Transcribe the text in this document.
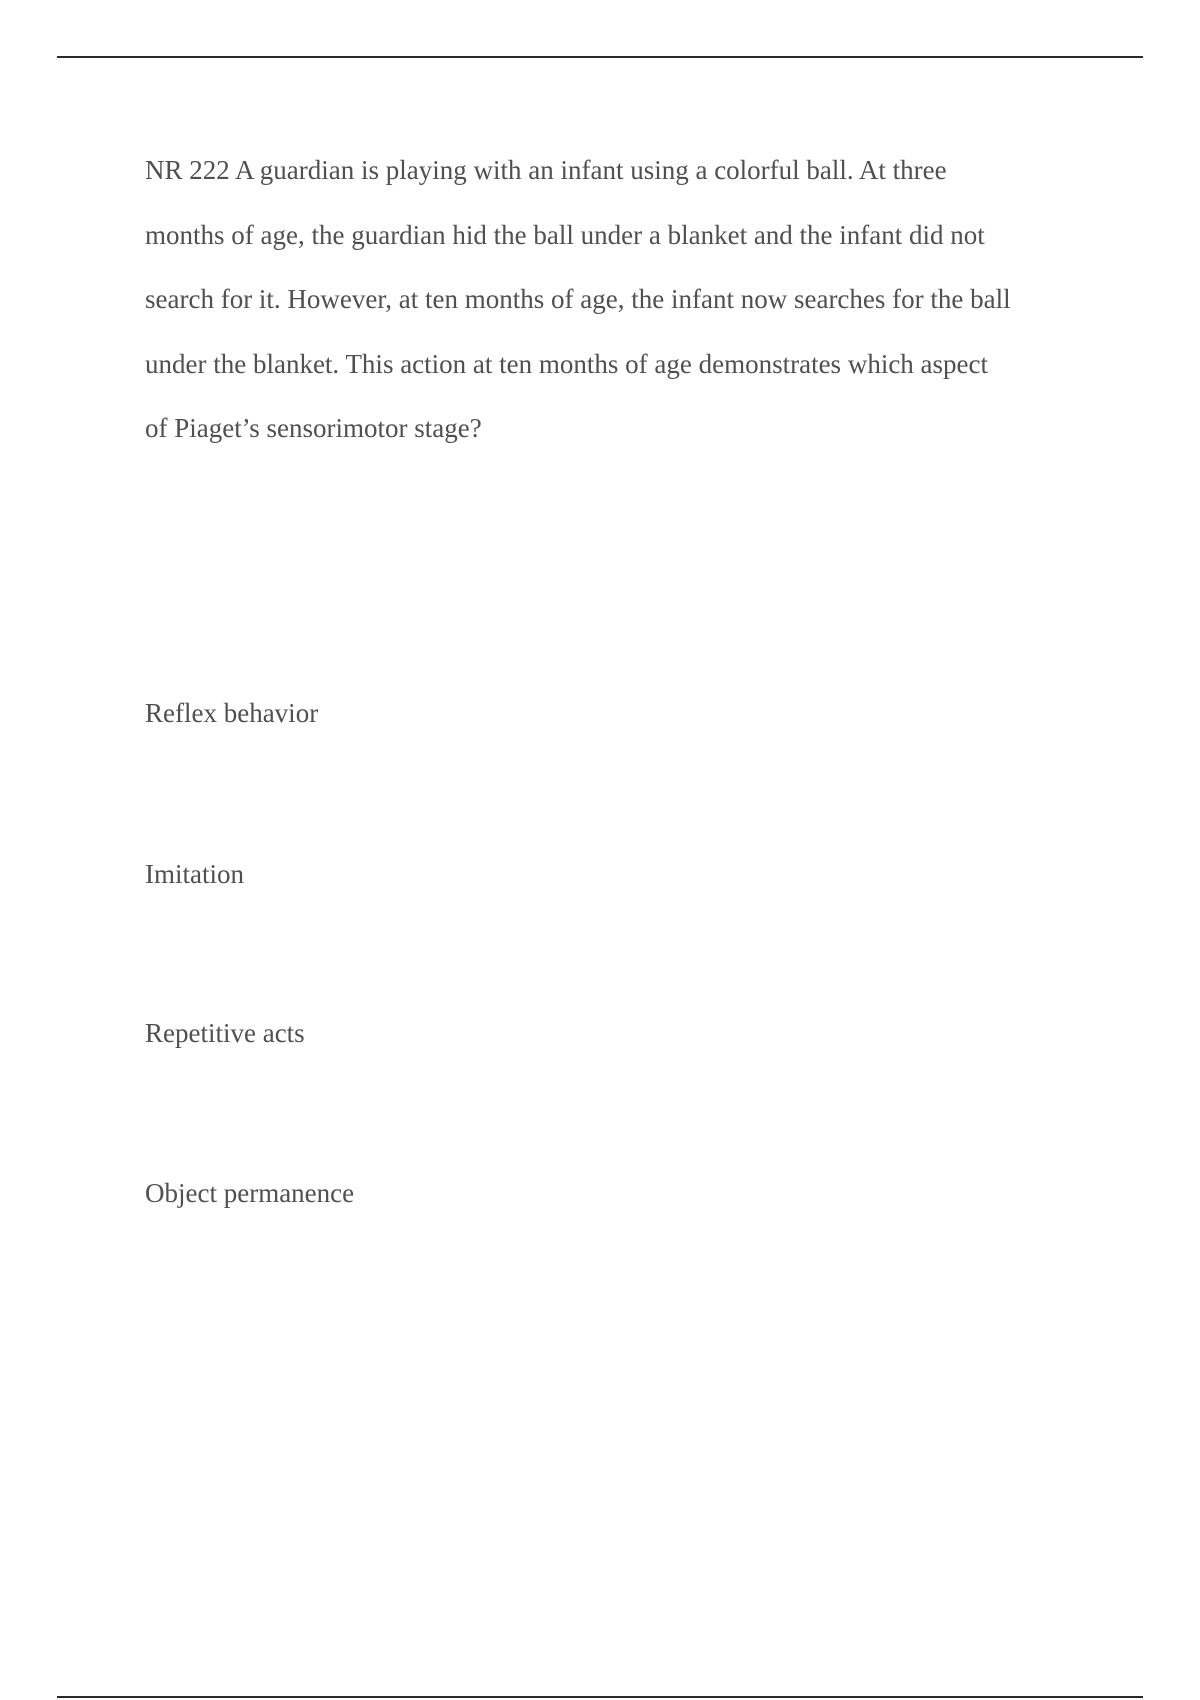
NR 222 A guardian is playing with an infant using a colorful ball. At three
months of age, the guardian hid the ball under a blanket and the infant did not
search for it. However, at ten months of age, the infant now searches for the ball
under the blanket. This action at ten months of age demonstrates which aspect
of Piaget’s sensorimotor stage?

Reflex behavior

Imitation

Repetitive acts

Object permanence
